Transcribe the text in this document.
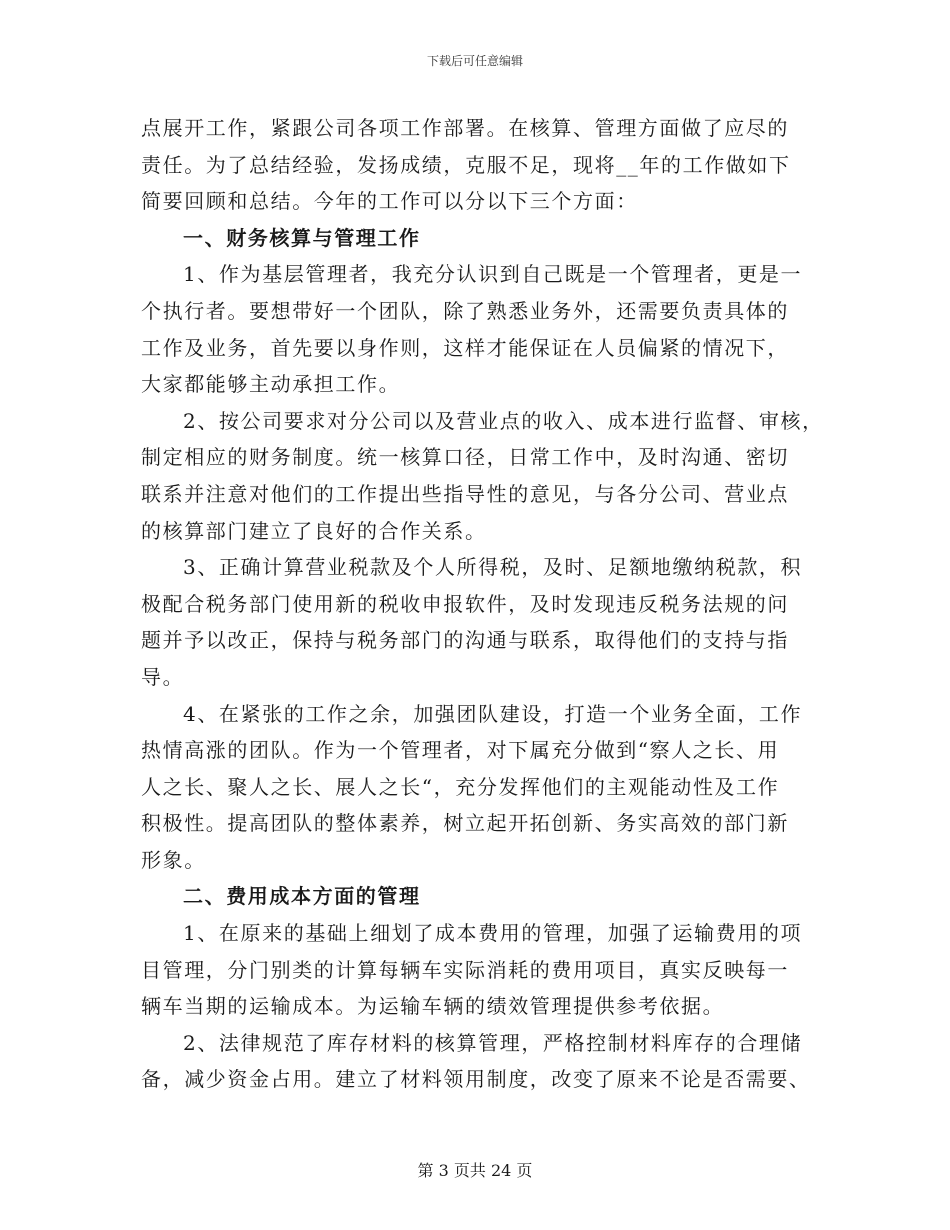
下载后可任意编辑
点展开工作，紧跟公司各项工作部署。在核算、管理方面做了应尽的
责任。为了总结经验，发扬成绩，克服不足，现将__年的工作做如下
简要回顾和总结。今年的工作可以分以下三个方面：
一、财务核算与管理工作
1、作为基层管理者，我充分认识到自己既是一个管理者，更是一
个执行者。要想带好一个团队，除了熟悉业务外，还需要负责具体的
工作及业务，首先要以身作则，这样才能保证在人员偏紧的情况下，
大家都能够主动承担工作。
2、按公司要求对分公司以及营业点的收入、成本进行监督、审核，
制定相应的财务制度。统一核算口径，日常工作中，及时沟通、密切
联系并注意对他们的工作提出些指导性的意见，与各分公司、营业点
的核算部门建立了良好的合作关系。
3、正确计算营业税款及个人所得税，及时、足额地缴纳税款，积
极配合税务部门使用新的税收申报软件，及时发现违反税务法规的问
题并予以改正，保持与税务部门的沟通与联系，取得他们的支持与指
导。
4、在紧张的工作之余，加强团队建设，打造一个业务全面，工作
热情高涨的团队。作为一个管理者，对下属充分做到“察人之长、用
人之长、聚人之长、展人之长“，充分发挥他们的主观能动性及工作
积极性。提高团队的整体素养，树立起开拓创新、务实高效的部门新
形象。
二、费用成本方面的管理
1、在原来的基础上细划了成本费用的管理，加强了运输费用的项
目管理，分门别类的计算每辆车实际消耗的费用项目，真实反映每一
辆车当期的运输成本。为运输车辆的绩效管理提供参考依据。
2、法律规范了库存材料的核算管理，严格控制材料库存的合理储
备，减少资金占用。建立了材料领用制度，改变了原来不论是否需要、
第 3 页共 24 页
